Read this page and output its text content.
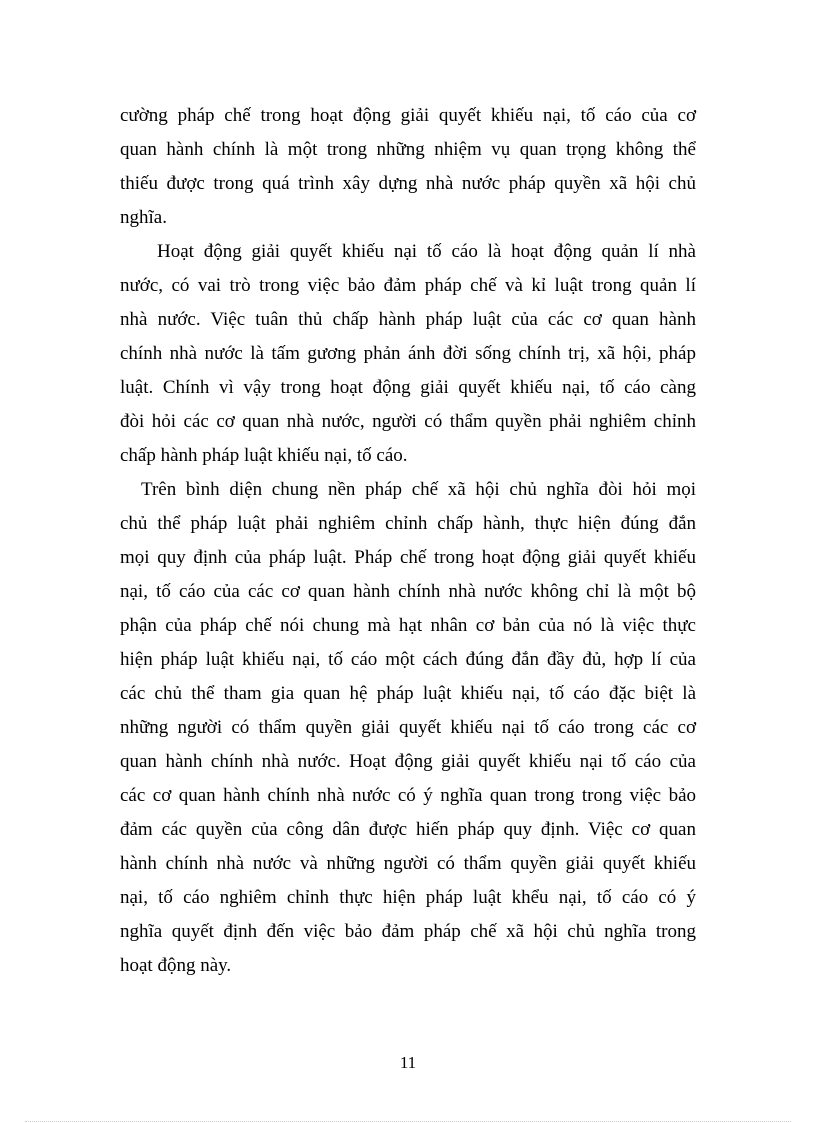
cường pháp chế trong hoạt động giải quyết khiếu nại, tố cáo của cơ
quan hành chính là một trong những nhiệm vụ quan trọng không thể
thiếu được trong quá trình xây dựng nhà nước pháp quyền xã hội chủ
nghĩa.
Hoạt động giải quyết khiếu nại tố cáo là hoạt động quản lí nhà
nước, có vai trò trong việc bảo đảm pháp chế và kỉ luật trong quản lí
nhà nước. Việc tuân thủ chấp hành pháp luật của các cơ quan hành
chính nhà nước là tấm gương phản ánh đời sống chính trị, xã hội, pháp
luật. Chính vì vậy trong hoạt động giải quyết khiếu nại, tố cáo càng
đòi hỏi các cơ quan nhà nước, người có thẩm quyền phải nghiêm chỉnh
chấp hành pháp luật khiếu nại, tố cáo.
Trên bình diện chung nền pháp chế xã hội chủ nghĩa đòi hỏi mọi
chủ thể pháp luật phải nghiêm chỉnh chấp hành, thực hiện đúng đắn
mọi quy định của pháp luật. Pháp chế trong hoạt động giải quyết khiếu
nại, tố cáo của các cơ quan hành chính nhà nước không chỉ là một bộ
phận của pháp chế nói chung mà hạt nhân cơ bản của nó là việc thực
hiện pháp luật khiếu nại, tố cáo một cách đúng đắn đầy đủ, hợp lí của
các chủ thể tham gia quan hệ pháp luật khiếu nại, tố cáo đặc biệt là
những người có thẩm quyền giải quyết khiếu nại tố cáo trong các cơ
quan hành chính nhà nước. Hoạt động giải quyết khiếu nại tố cáo của
các cơ quan hành chính nhà nước có ý nghĩa quan trong trong việc bảo
đảm các quyền của công dân được hiến pháp quy định. Việc cơ quan
hành chính nhà nước và những người có thẩm quyền giải quyết khiếu
nại, tố cáo nghiêm chỉnh thực hiện pháp luật khểu nại, tố cáo có ý
nghĩa quyết định đến việc bảo đảm pháp chế xã hội chủ nghĩa trong
hoạt động này.
11
